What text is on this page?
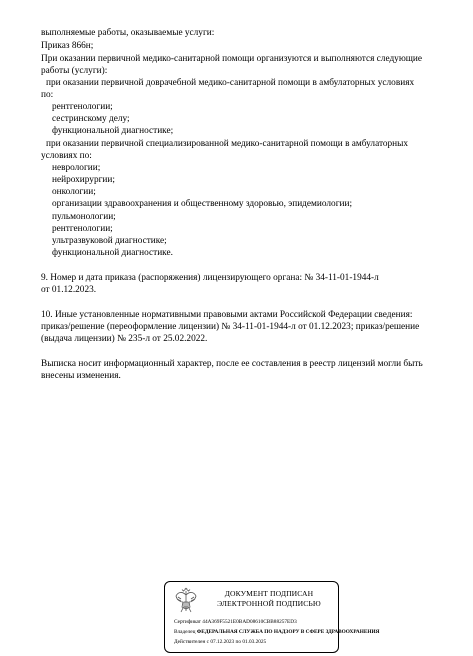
выполняемые работы, оказываемые услуги:

Приказ 866н;

При оказании первичной медико-санитарной помощи организуются и выполняются следующие

работы (услуги):

при оказании первичной доврачебной медико-санитарной помощи в амбулаторных условиях

по:

рентгенологии;

сестринскому делу;

функциональной диагностике;

при оказании первичной специализированной медико-санитарной помощи в амбулаторных

условиях по:

неврологии;

нейрохирургии;

онкологии;

организации здравоохранения и общественному здоровью, эпидемиологии;

пульмонологии;

рентгенологии;

ультразвуковой диагностике;

функциональной диагностике.

9. Номер и дата приказа (распоряжения) лицензирующего органа: № 34-11-01-1944-л

от 01.12.2023.

10. Иные установленные нормативными правовыми актами Российской Федерации сведения:

приказ/решение (переоформление лицензии) № 34-11-01-1944-л от 01.12.2023; приказ/решение

(выдача лицензии) № 235-л от 25.02.2022.

Выписка носит информационный характер, после ее составления в реестр лицензий могли быть

внесены изменения.

ДОКУМЕНТ ПОДПИСАН
ЭЛЕКТРОННОЙ ПОДПИСЬЮ
Сертификат 44A369F5521E0BAD08610CBB88257ED3
Владелец ФЕДЕРАЛЬНАЯ СЛУЖБА ПО НАДЗОРУ В СФЕРЕ ЗДРАВООХРАНЕНИЯ
Действителен с 07.12.2023 по 01.03.2025
